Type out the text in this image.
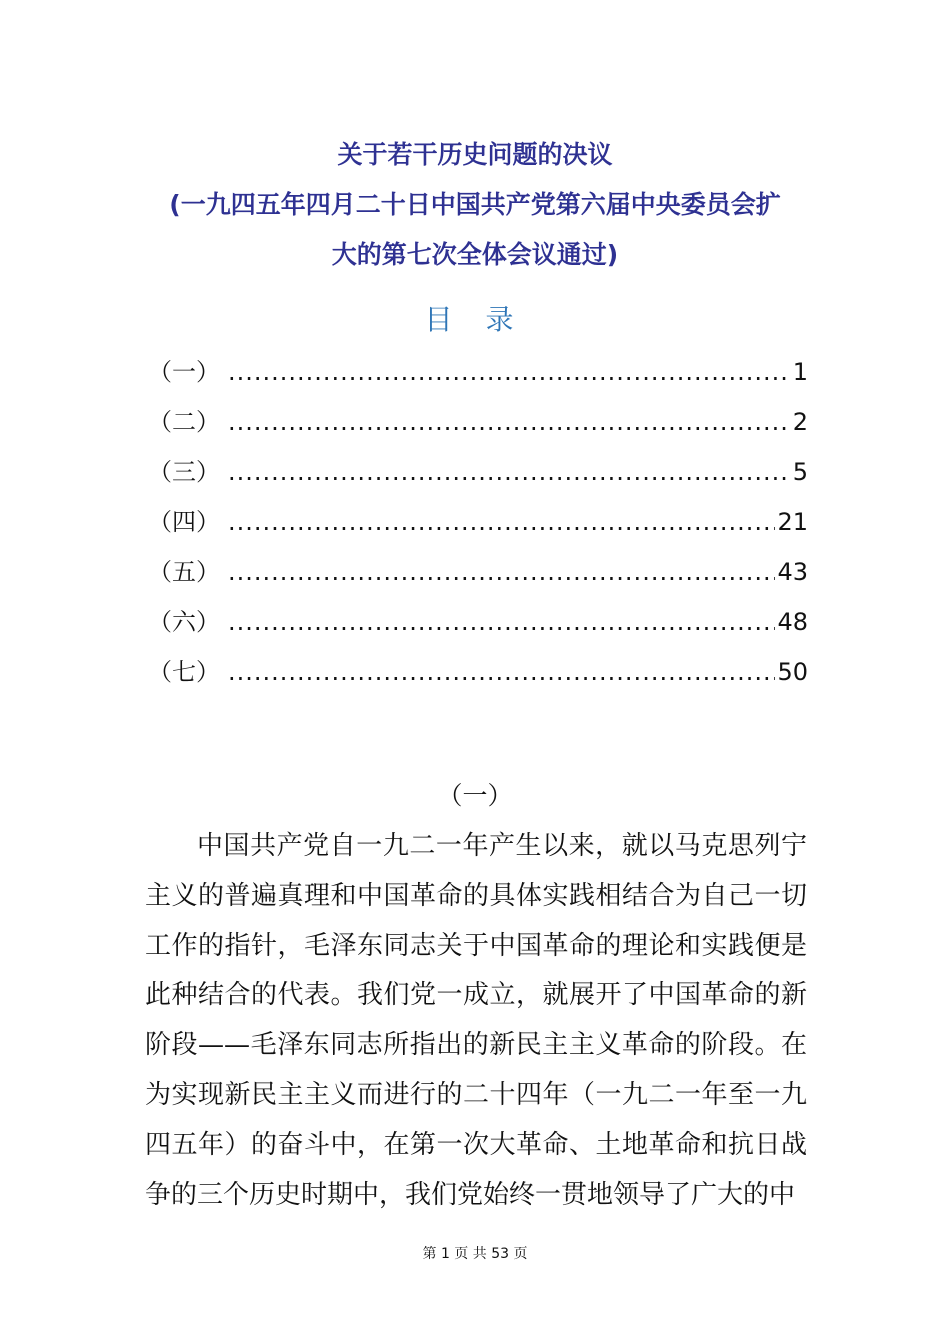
关于若干历史问题的决议
(一九四五年四月二十日中国共产党第六届中央委员会扩
大的第七次全体会议通过)
目 录
（一） .....	1
（二） .....	2
（三） .....	5
（四） .....	21
（五） .....	43
（六） .....	48
（七） .....	50
（一）
中国共产党自一九二一年产生以来，就以马克思列宁主义的普遍真理和中国革命的具体实践相结合为自己一切工作的指针，毛泽东同志关于中国革命的理论和实践便是此种结合的代表。我们党一成立，就展开了中国革命的新阶段——毛泽东同志所指出的新民主主义革命的阶段。在为实现新民主主义而进行的二十四年（一九二一年至一九四五年）的奋斗中，在第一次大革命、土地革命和抗日战争的三个历史时期中，我们党始终一贯地领导了广大的中
第 1 页 共 53 页
